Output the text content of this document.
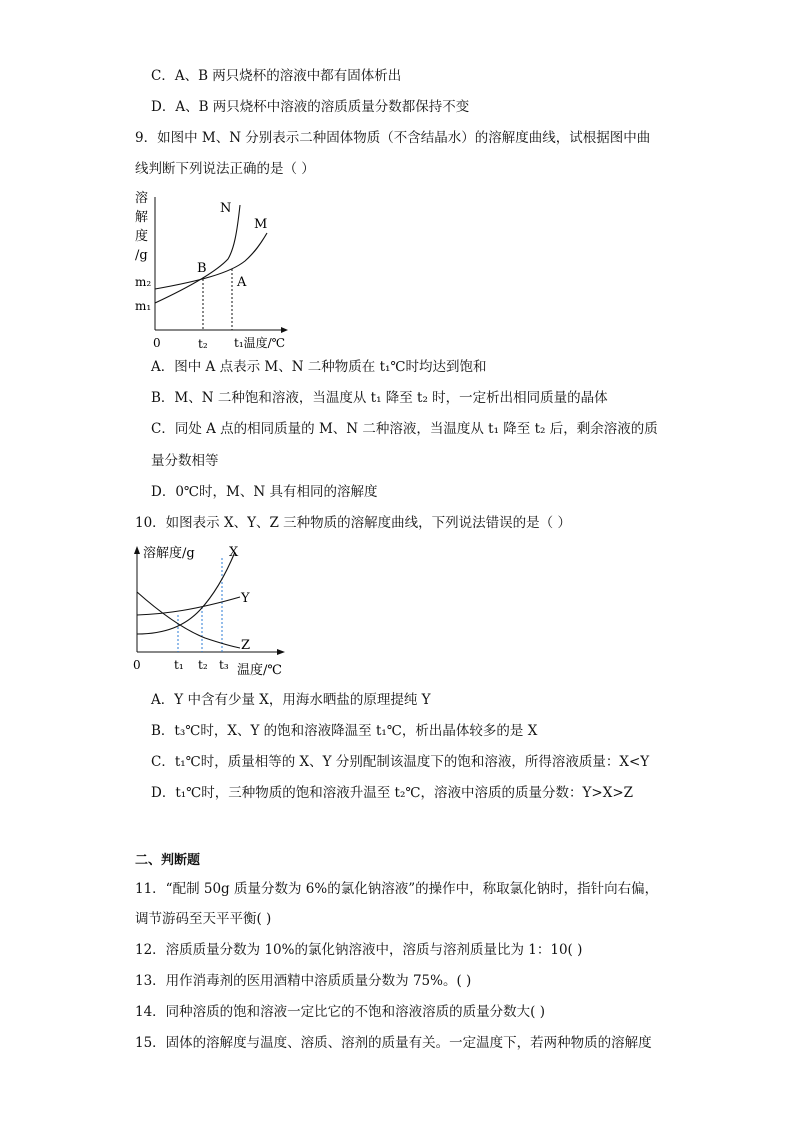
C．A、B 两只烧杯的溶液中都有固体析出
D．A、B 两只烧杯中溶液的溶质质量分数都保持不变
9．如图中 M、N 分别表示二种固体物质（不含结晶水）的溶解度曲线，试根据图中曲
线判断下列说法正确的是（ ）
溶
解
度
/g
m₂
m₁
0	t₂ t₁温度/℃
N
M
B
A
A．图中 A 点表示 M、N 二种物质在 t₁℃时均达到饱和
B．M、N 二种饱和溶液，当温度从 t₁ 降至 t₂ 时，一定析出相同质量的晶体
C．同处 A 点的相同质量的 M、N 二种溶液，当温度从 t₁ 降至 t₂ 后，剩余溶液的质
量分数相等
D．0℃时，M、N 具有相同的溶解度
10．如图表示 X、Y、Z 三种物质的溶解度曲线，下列说法错误的是（ ）
溶解度/g
温度/℃
0	t₁ t₂ t₃
X
Y
Z
A．Y 中含有少量 X，用海水晒盐的原理提纯 Y
B．t₃℃时，X、Y 的饱和溶液降温至 t₁℃，析出晶体较多的是 X
C．t₁℃时，质量相等的 X、Y 分别配制该温度下的饱和溶液，所得溶液质量：X<Y
D．t₁℃时，三种物质的饱和溶液升温至 t₂℃，溶液中溶质的质量分数：Y>X>Z
二、判断题
11．“配制 50g 质量分数为 6%的氯化钠溶液”的操作中，称取氯化钠时，指针向右偏，
调节游码至天平平衡( )
12．溶质质量分数为 10%的氯化钠溶液中，溶质与溶剂质量比为 1：10( )
13．用作消毒剂的医用酒精中溶质质量分数为 75%。( )
14．同种溶质的饱和溶液一定比它的不饱和溶液溶质的质量分数大( )
15．固体的溶解度与温度、溶质、溶剂的质量有关。一定温度下，若两种物质的溶解度
